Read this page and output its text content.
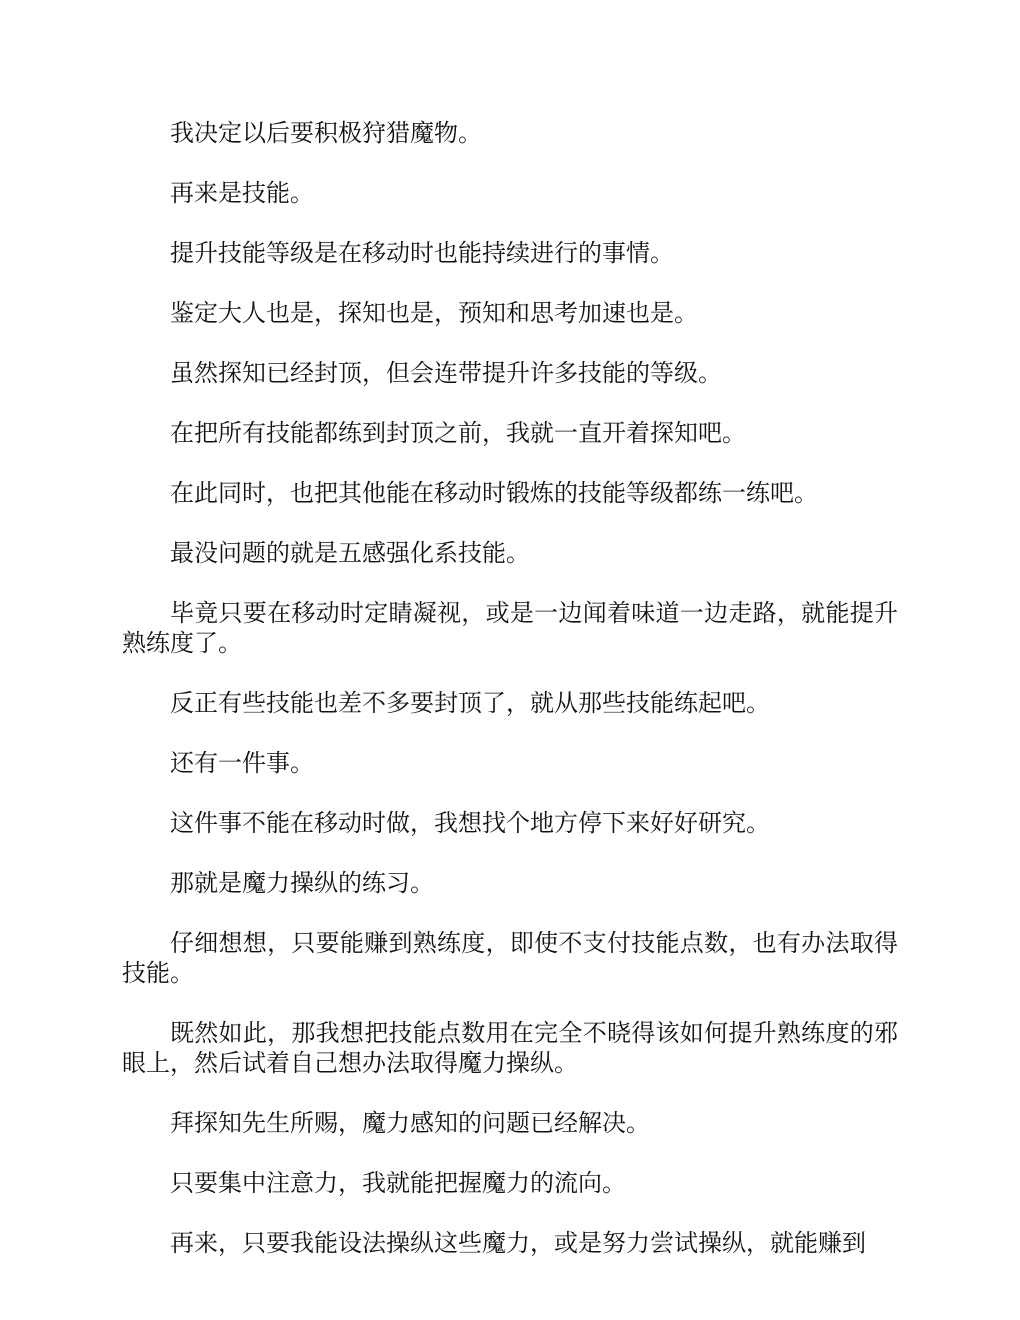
我决定以后要积极狩猎魔物。

再来是技能。

提升技能等级是在移动时也能持续进行的事情。

鉴定大人也是，探知也是，预知和思考加速也是。

虽然探知已经封顶，但会连带提升许多技能的等级。

在把所有技能都练到封顶之前，我就一直开着探知吧。

在此同时，也把其他能在移动时锻炼的技能等级都练一练吧。

最没问题的就是五感强化系技能。

毕竟只要在移动时定睛凝视，或是一边闻着味道一边走路，就能提升熟练度了。

反正有些技能也差不多要封顶了，就从那些技能练起吧。

还有一件事。

这件事不能在移动时做，我想找个地方停下来好好研究。

那就是魔力操纵的练习。

仔细想想，只要能赚到熟练度，即使不支付技能点数，也有办法取得技能。

既然如此，那我想把技能点数用在完全不晓得该如何提升熟练度的邪眼上，然后试着自己想办法取得魔力操纵。

拜探知先生所赐，魔力感知的问题已经解决。

只要集中注意力，我就能把握魔力的流向。

再来，只要我能设法操纵这些魔力，或是努力尝试操纵，就能赚到
